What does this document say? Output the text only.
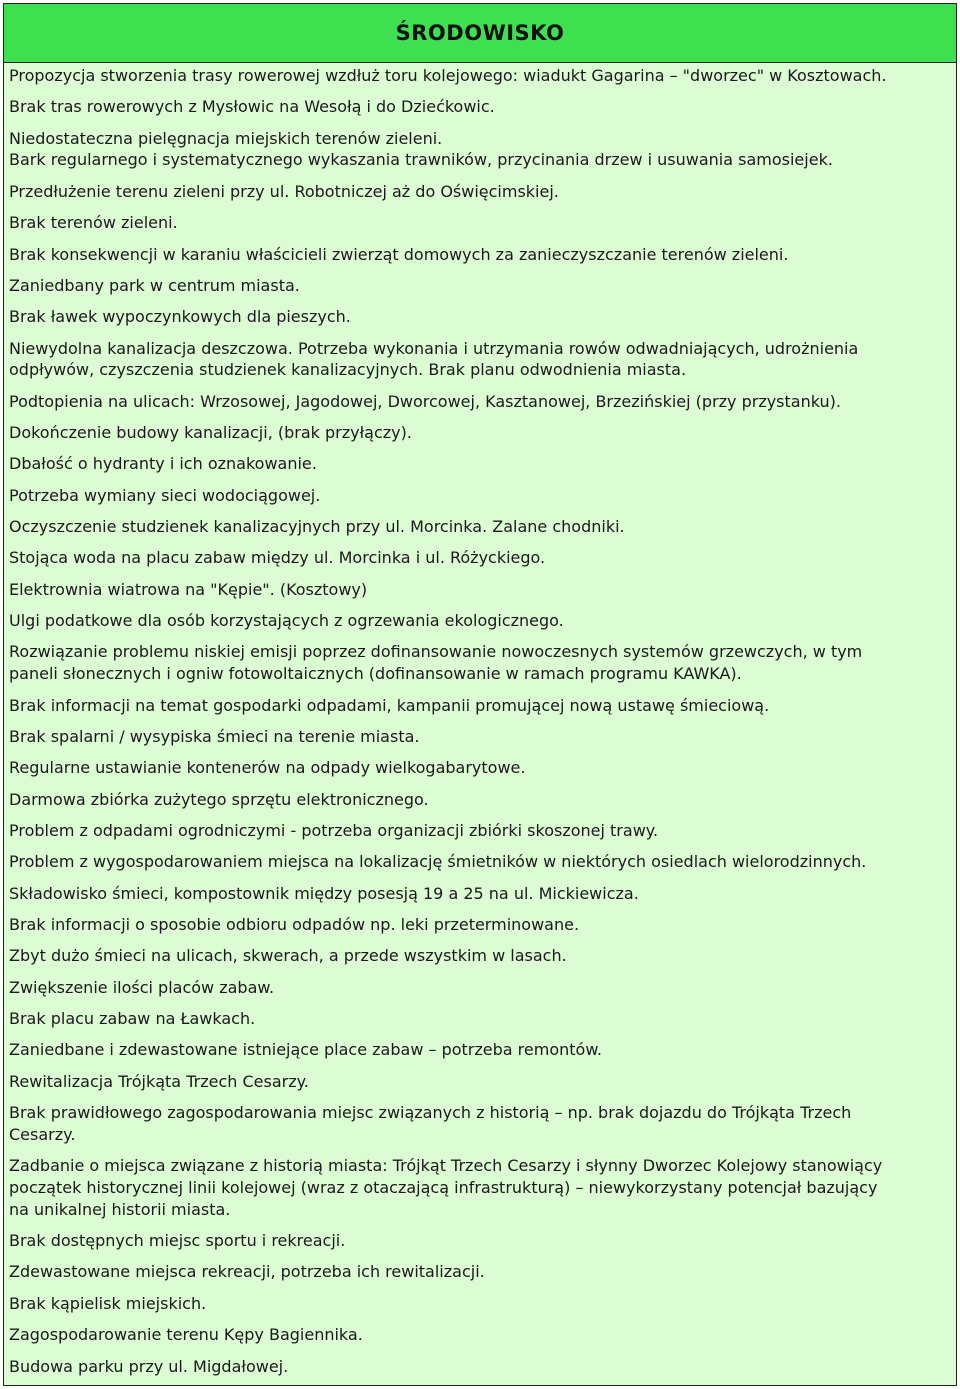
ŚRODOWISKO
Propozycja stworzenia trasy rowerowej wzdłuż toru kolejowego: wiadukt Gagarina – "dworzec" w Kosztowach.
Brak tras rowerowych z Mysłowic na Wesołą i do Dziećkowic.
Niedostateczna pielęgnacja miejskich terenów zieleni.
Bark regularnego i systematycznego wykaszania trawników, przycinania drzew i usuwania samosiejek.
Przedłużenie terenu zieleni przy ul. Robotniczej aż do Oświęcimskiej.
Brak terenów zieleni.
Brak konsekwencji w karaniu właścicieli zwierząt domowych za zanieczyszczanie terenów zieleni.
Zaniedbany park w centrum miasta.
Brak ławek wypoczynkowych dla pieszych.
Niewydolna kanalizacja deszczowa. Potrzeba wykonania i utrzymania rowów odwadniających, udrożnienia
odpływów, czyszczenia studzienek kanalizacyjnych. Brak planu odwodnienia miasta.
Podtopienia na ulicach: Wrzosowej, Jagodowej, Dworcowej, Kasztanowej, Brzezińskiej (przy przystanku).
Dokończenie budowy kanalizacji, (brak przyłączy).
Dbałość o hydranty i ich oznakowanie.
Potrzeba wymiany sieci wodociągowej.
Oczyszczenie studzienek kanalizacyjnych przy ul. Morcinka. Zalane chodniki.
Stojąca woda na placu zabaw między ul. Morcinka i ul. Różyckiego.
Elektrownia wiatrowa na "Kępie". (Kosztowy)
Ulgi podatkowe dla osób korzystających z ogrzewania ekologicznego.
Rozwiązanie problemu niskiej emisji poprzez dofinansowanie nowoczesnych systemów grzewczych, w tym
paneli słonecznych i ogniw fotowoltaicznych (dofinansowanie w ramach programu KAWKA).
Brak informacji na temat gospodarki odpadami, kampanii promującej nową ustawę śmieciową.
Brak spalarni / wysypiska śmieci na terenie miasta.
Regularne ustawianie kontenerów na odpady wielkogabarytowe.
Darmowa zbiórka zużytego sprzętu elektronicznego.
Problem z odpadami ogrodniczymi - potrzeba organizacji zbiórki skoszonej trawy.
Problem z wygospodarowaniem miejsca na lokalizację śmietników w niektórych osiedlach wielorodzinnych.
Składowisko śmieci, kompostownik między posesją 19 a 25 na ul. Mickiewicza.
Brak informacji o sposobie odbioru odpadów np. leki przeterminowane.
Zbyt dużo śmieci na ulicach, skwerach, a przede wszystkim w lasach.
Zwiększenie ilości placów zabaw.
Brak placu zabaw na Ławkach.
Zaniedbane i zdewastowane istniejące place zabaw – potrzeba remontów.
Rewitalizacja Trójkąta Trzech Cesarzy.
Brak prawidłowego zagospodarowania miejsc związanych z historią – np. brak dojazdu do Trójkąta Trzech
Cesarzy.
Zadbanie o miejsca związane z historią miasta: Trójkąt Trzech Cesarzy i słynny Dworzec Kolejowy stanowiący
początek historycznej linii kolejowej (wraz z otaczającą infrastrukturą) – niewykorzystany potencjał bazujący
na unikalnej historii miasta.
Brak dostępnych miejsc sportu i rekreacji.
Zdewastowane miejsca rekreacji, potrzeba ich rewitalizacji.
Brak kąpielisk miejskich.
Zagospodarowanie terenu Kępy Bagiennika.
Budowa parku przy ul. Migdałowej.
